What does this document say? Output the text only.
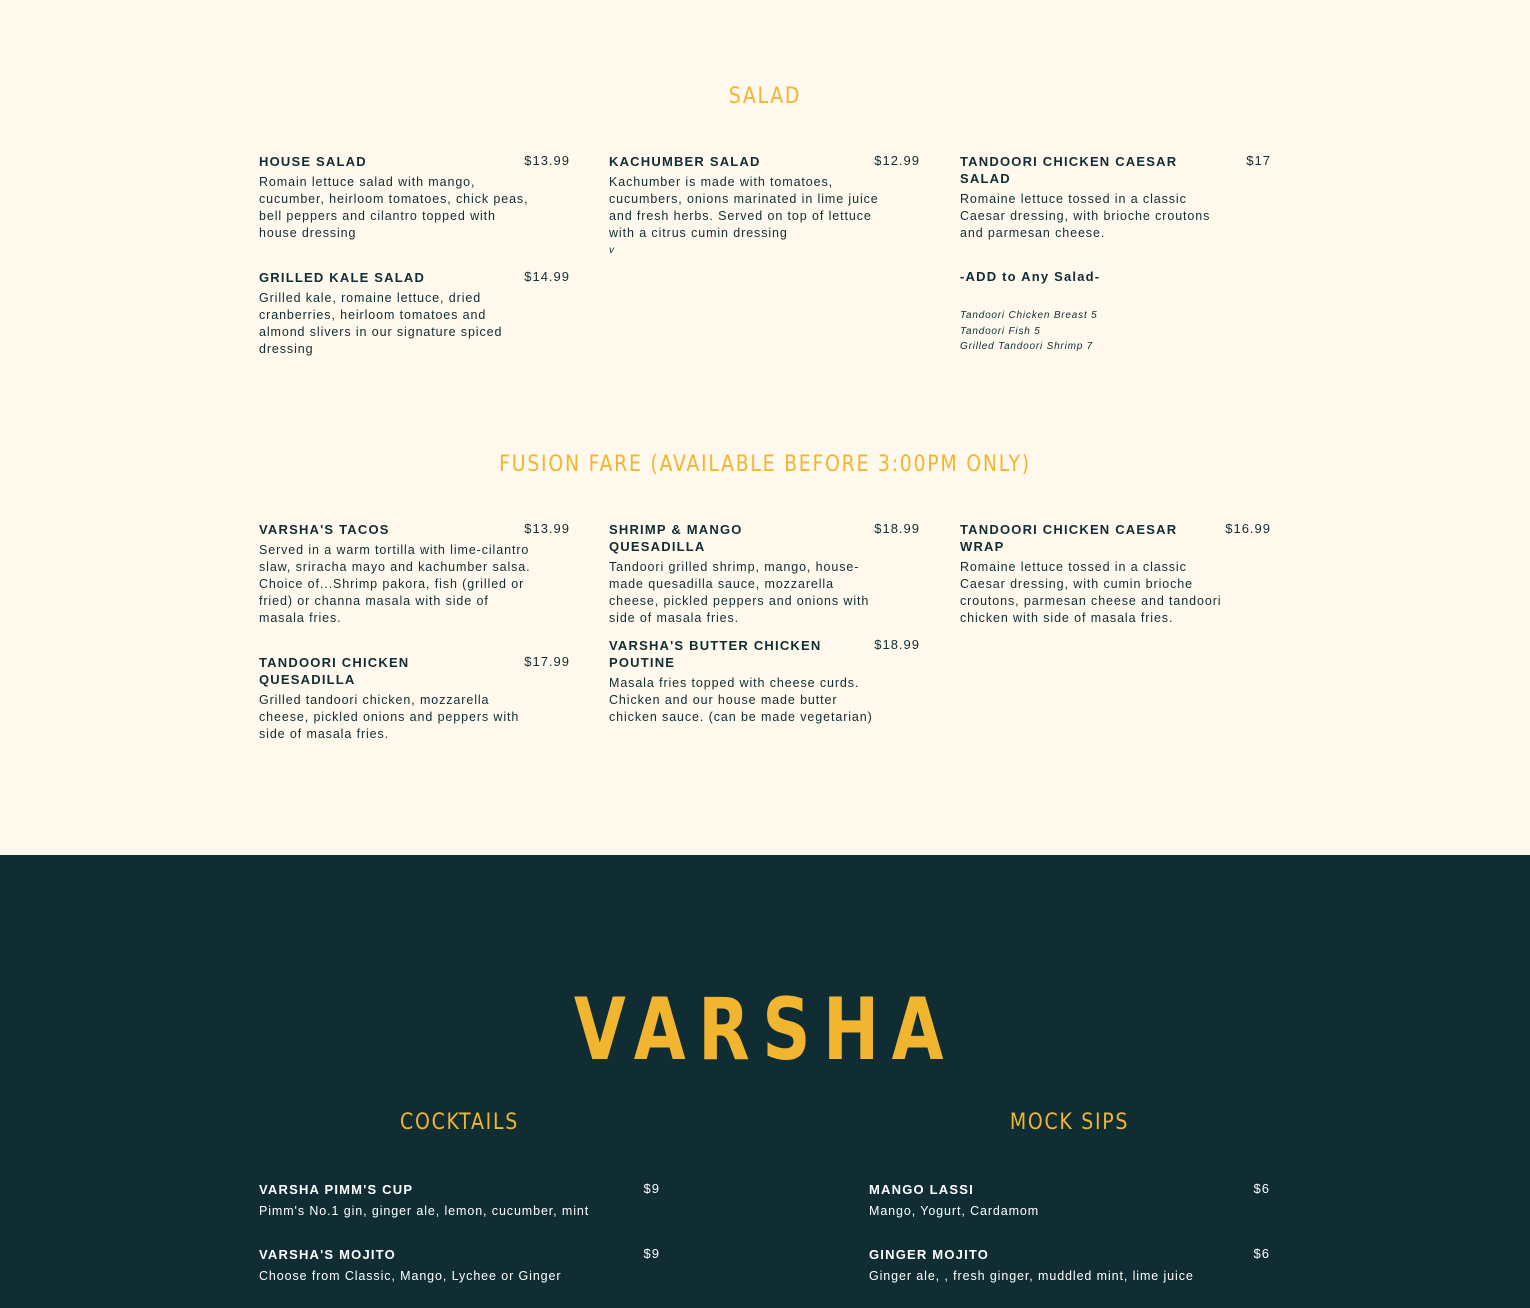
SALAD
HOUSE SALAD	$13.99
Romain lettuce salad with mango, cucumber, heirloom tomatoes, chick peas, bell peppers and cilantro topped with house dressing
KACHUMBER SALAD	$12.99
Kachumber is made with tomatoes, cucumbers, onions marinated in lime juice and fresh herbs. Served on top of lettuce with a citrus cumin dressing
v
TANDOORI CHICKEN CAESAR SALAD
$17
Romaine lettuce tossed in a classic Caesar dressing, with brioche croutons and parmesan cheese.
GRILLED KALE SALAD	$14.99
Grilled kale, romaine lettuce, dried cranberries, heirloom tomatoes and almond slivers in our signature spiced dressing
-ADD to Any Salad-
Tandoori Chicken Breast 5
Tandoori Fish 5
Grilled Tandoori Shrimp 7
FUSION FARE (AVAILABLE BEFORE 3:00PM ONLY)
VARSHA'S TACOS	$13.99
Served in a warm tortilla with lime-cilantro slaw, sriracha mayo and kachumber salsa. Choice of...Shrimp pakora, fish (grilled or fried) or channa masala with side of masala fries.
SHRIMP & MANGO QUESADILLA
$18.99
Tandoori grilled shrimp, mango, house-made quesadilla sauce, mozzarella cheese, pickled peppers and onions with side of masala fries.
TANDOORI CHICKEN CAESAR WRAP
$16.99
Romaine lettuce tossed in a classic Caesar dressing, with cumin brioche croutons, parmesan cheese and tandoori chicken with side of masala fries.
TANDOORI CHICKEN QUESADILLA
$17.99
Grilled tandoori chicken, mozzarella cheese, pickled onions and peppers with side of masala fries.
VARSHA'S BUTTER CHICKEN POUTINE
$18.99
Masala fries topped with cheese curds. Chicken and our house made butter chicken sauce. (can be made vegetarian)
VARSHA
COCKTAILS	MOCK SIPS
VARSHA PIMM'S CUP	$9
Pimm's No.1 gin, ginger ale, lemon, cucumber, mint
VARSHA'S MOJITO	$9
Choose from Classic, Mango, Lychee or Ginger
MANGO LASSI	$6
Mango, Yogurt, Cardamom
GINGER MOJITO	$6
Ginger ale, , fresh ginger, muddled mint, lime juice
